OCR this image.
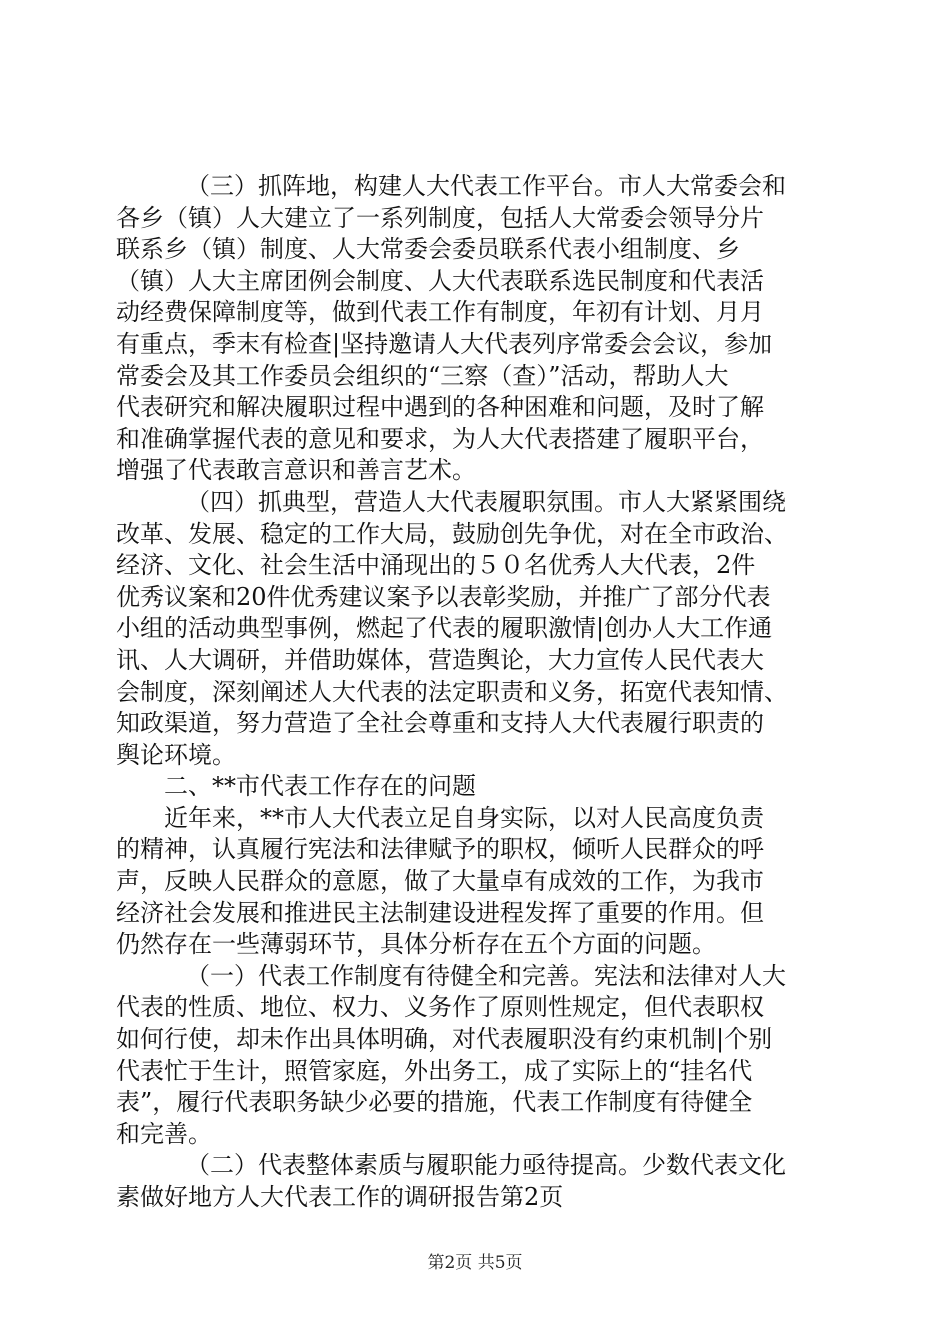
（三）抓阵地，构建人大代表工作平台。市人大常委会和
各乡（镇）人大建立了一系列制度，包括人大常委会领导分片
联系乡（镇）制度、人大常委会委员联系代表小组制度、乡
（镇）人大主席团例会制度、人大代表联系选民制度和代表活
动经费保障制度等，做到代表工作有制度，年初有计划、月月
有重点，季末有检查|坚持邀请人大代表列序常委会会议，参加
常委会及其工作委员会组织的“三察（查）”活动，帮助人大
代表研究和解决履职过程中遇到的各种困难和问题，及时了解
和准确掌握代表的意见和要求，为人大代表搭建了履职平台，
增强了代表敢言意识和善言艺术。
（四）抓典型，营造人大代表履职氛围。市人大紧紧围绕
改革、发展、稳定的工作大局，鼓励创先争优，对在全市政治、
经济、文化、社会生活中涌现出的５０名优秀人大代表，2件
优秀议案和20件优秀建议案予以表彰奖励，并推广了部分代表
小组的活动典型事例，燃起了代表的履职激情|创办人大工作通
讯、人大调研，并借助媒体，营造舆论，大力宣传人民代表大
会制度，深刻阐述人大代表的法定职责和义务，拓宽代表知情、
知政渠道，努力营造了全社会尊重和支持人大代表履行职责的
舆论环境。
二、**市代表工作存在的问题
近年来，**市人大代表立足自身实际，以对人民高度负责
的精神，认真履行宪法和法律赋予的职权，倾听人民群众的呼
声，反映人民群众的意愿，做了大量卓有成效的工作，为我市
经济社会发展和推进民主法制建设进程发挥了重要的作用。但
仍然存在一些薄弱环节，具体分析存在五个方面的问题。
（一）代表工作制度有待健全和完善。宪法和法律对人大
代表的性质、地位、权力、义务作了原则性规定，但代表职权
如何行使，却未作出具体明确，对代表履职没有约束机制|个别
代表忙于生计，照管家庭，外出务工，成了实际上的“挂名代
表”，履行代表职务缺少必要的措施，代表工作制度有待健全
和完善。
（二）代表整体素质与履职能力亟待提高。少数代表文化
素做好地方人大代表工作的调研报告第2页
第2页 共5页
